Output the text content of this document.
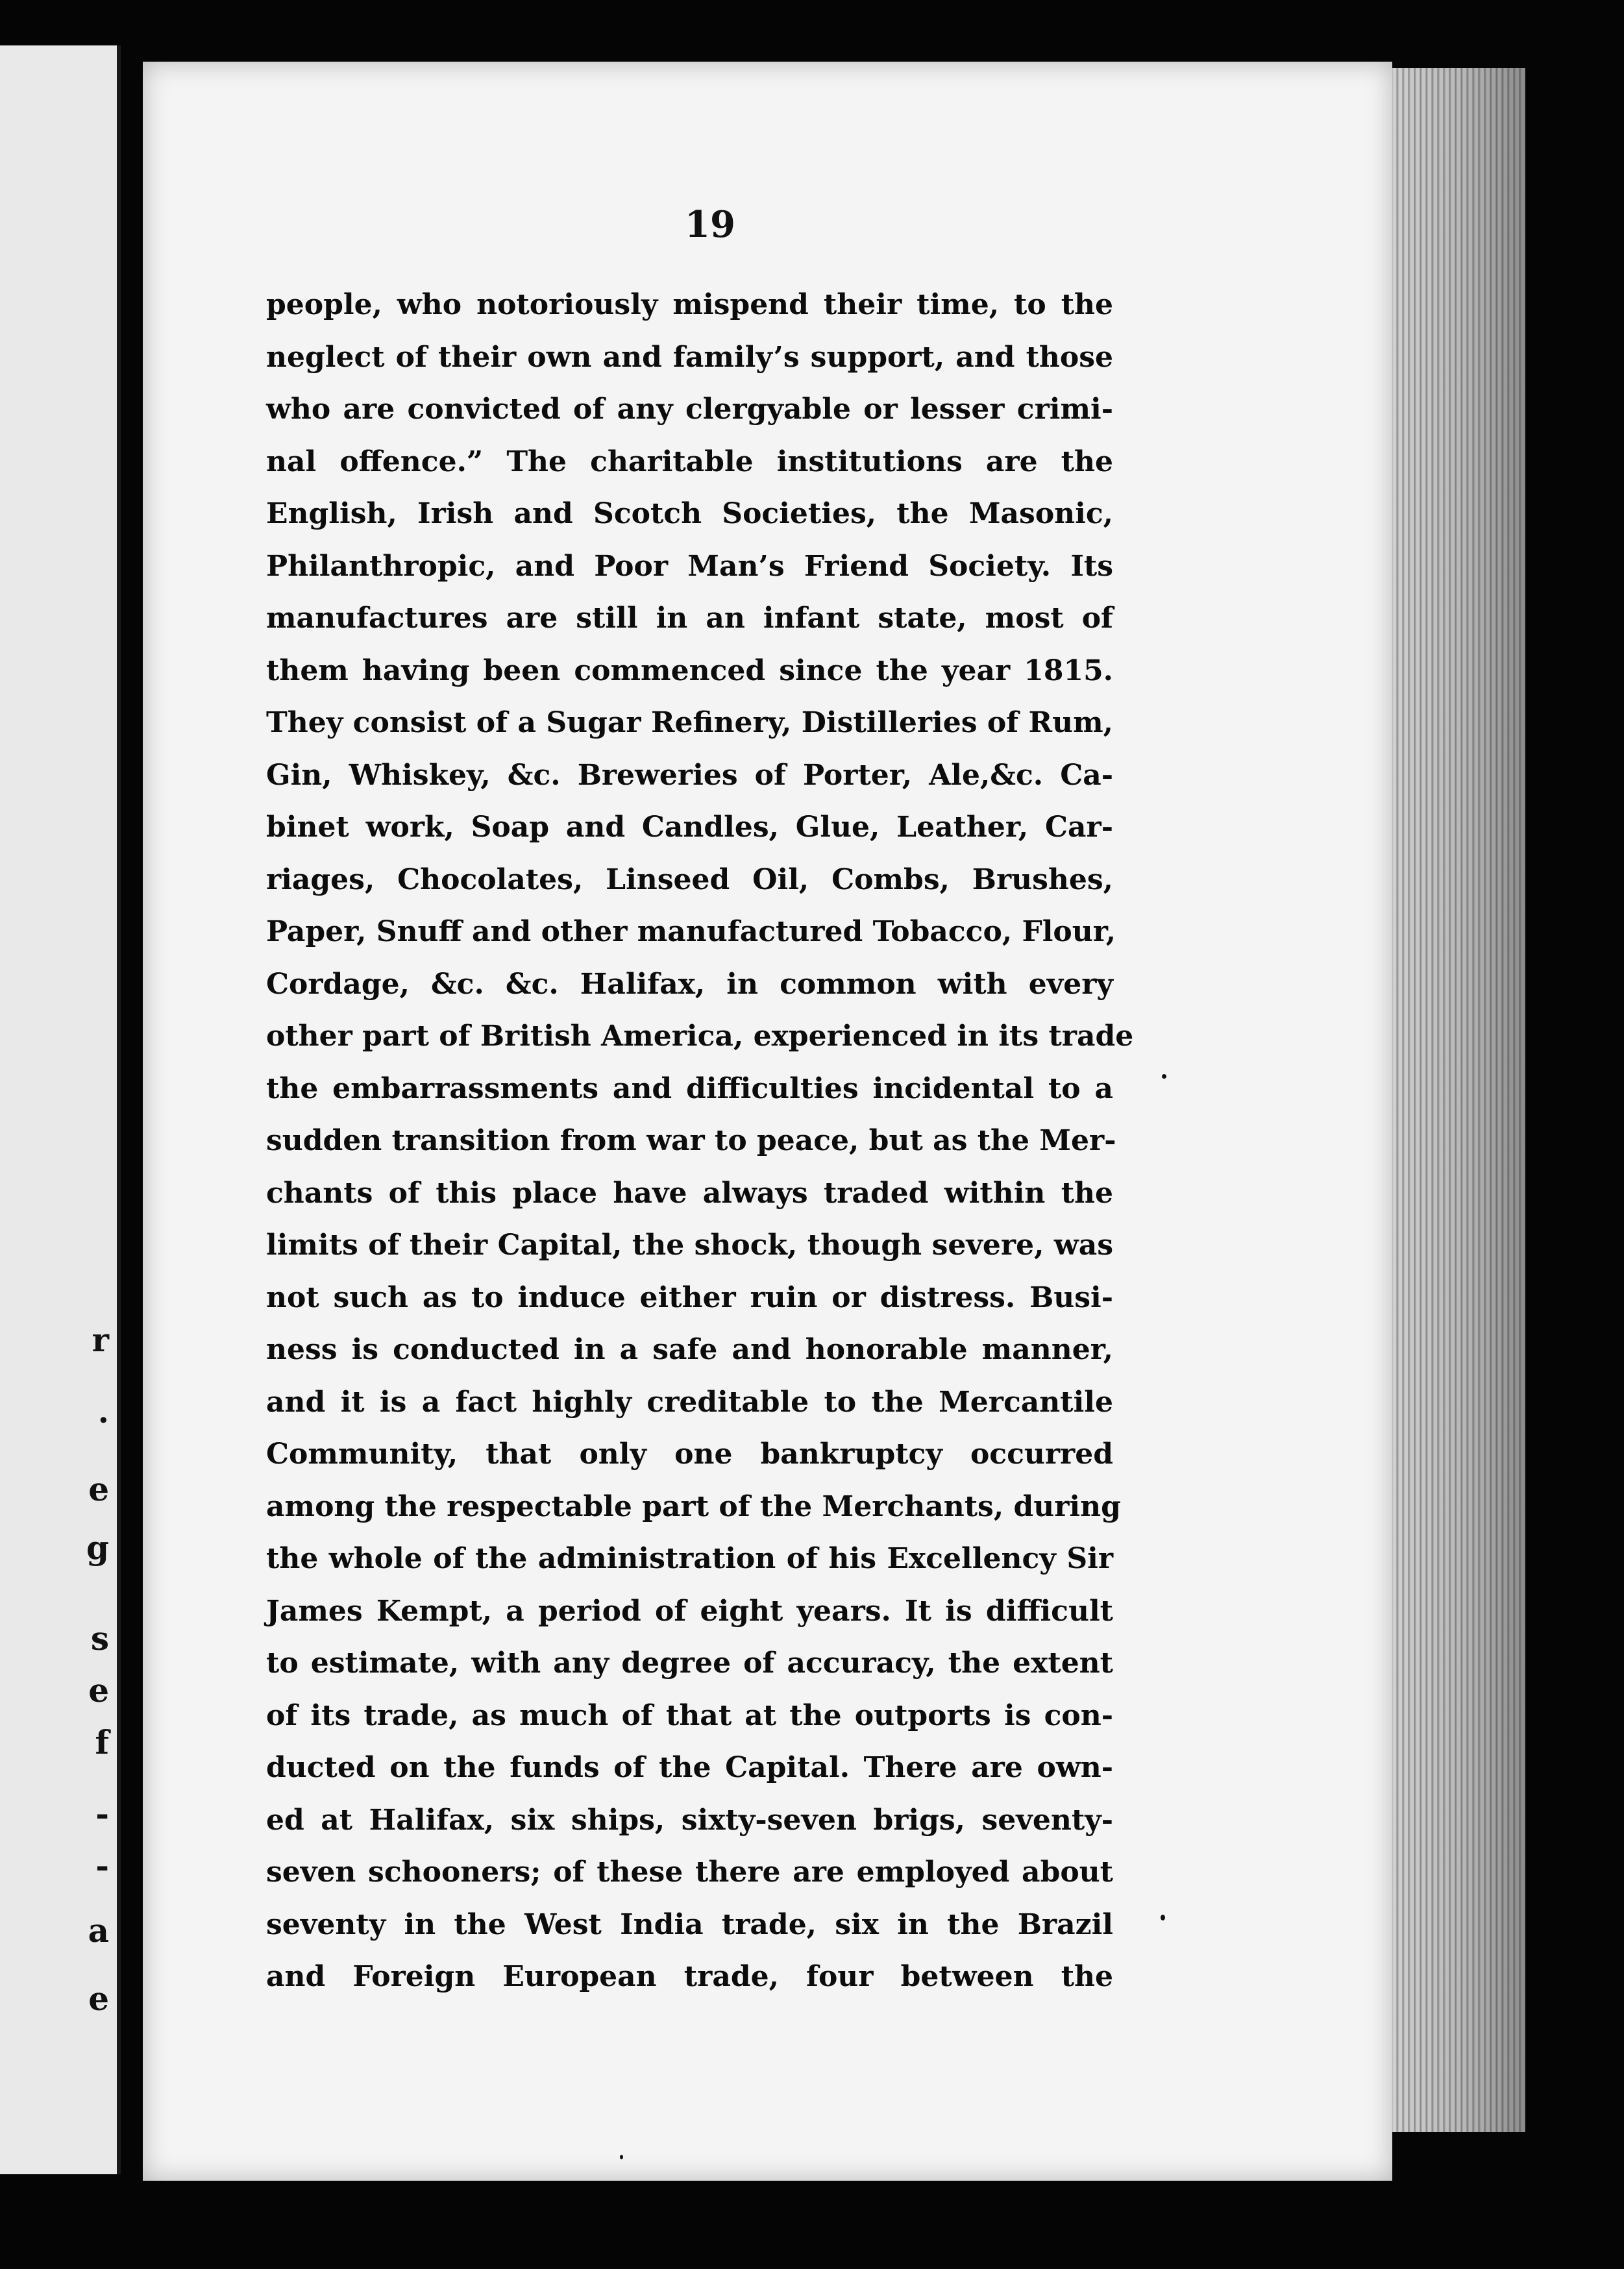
r
.
e
g
s
e
f
-
-
a
e
19
people, who notoriously mispend their time, to the
neglect of their own and family’s support, and those
who are convicted of any clergyable or lesser crimi-
nal offence.” The charitable institutions are the
English, Irish and Scotch Societies, the Masonic,
Philanthropic, and Poor Man’s Friend Society. Its
manufactures are still in an infant state, most of
them having been commenced since the year 1815.
They consist of a Sugar Refinery, Distilleries of Rum,
Gin, Whiskey, &c. Breweries of Porter, Ale,&c. Ca-
binet work, Soap and Candles, Glue, Leather, Car-
riages, Chocolates, Linseed Oil, Combs, Brushes,
Paper, Snuff and other manufactured Tobacco, Flour,
Cordage, &c. &c. Halifax, in common with every
other part of British America, experienced in its trade
the embarrassments and difficulties incidental to a
sudden transition from war to peace, but as the Mer-
chants of this place have always traded within the
limits of their Capital, the shock, though severe, was
not such as to induce either ruin or distress. Busi-
ness is conducted in a safe and honorable manner,
and it is a fact highly creditable to the Mercantile
Community, that only one bankruptcy occurred
among the respectable part of the Merchants, during
the whole of the administration of his Excellency Sir
James Kempt, a period of eight years. It is difficult
to estimate, with any degree of accuracy, the extent
of its trade, as much of that at the outports is con-
ducted on the funds of the Capital. There are own-
ed at Halifax, six ships, sixty-seven brigs, seventy-
seven schooners; of these there are employed about
seventy in the West India trade, six in the Brazil
and Foreign European trade, four between the
